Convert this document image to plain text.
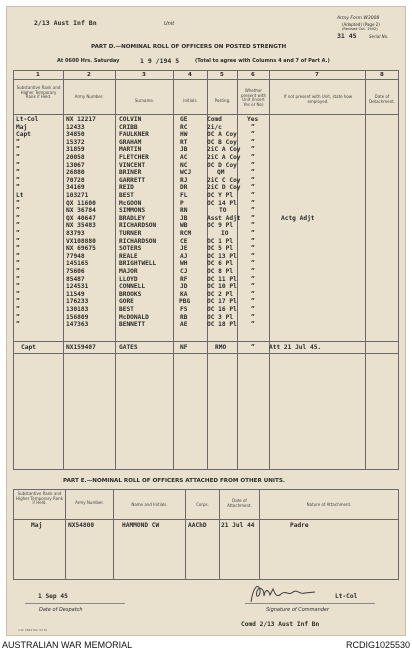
2/13 Aust Inf Bn	Unit
Army Form W3008
(Adapted) (Page 2)
(Revised Oct. 1942)
31 45	Serial No.
PART D.—NOMINAL ROLL OF OFFICERS ON POSTED STRENGTH
At 0600 Hrs. Saturday	1 9 /194 5	(Total to agree with Columns 4 and 7 of Part A.)
1	2	3	4	5	6	7	8
Substantive Rank and Higher Temporary Rank if Held.	Army Number.
Surname.	Initials.	Posting.
Whether present with Unit (Insert Yes or No)
If not present with Unit, state how employed.
Date of Detachment.
Lt-Col	NX 12217	COLVIN	GE	Comd	Yes
Maj	12433	CRIBB	RC	2i/c	”
Capt	34850	FAULKNER	HW	OC A Coy ”
”	15372	GRAHAM	RT	OC B Coy ”
”	31859	MARTIN	JB	2iC A Coy ”
”	20058	FLETCHER	AC	2iC A Coy ”
”	13067	VINCENT	NC	OC D Coy ”
”	26880	BRINER	WCJ	QM	”
”	70728	GARRETT	RJ	2iC C Coy ”
”	34169	REID	DR	2iC D Coy ”
Lt	103271	BEST	FL	OC Y Pl	”
”	QX 11600	McGOON	P	OC 14 Pl ”
”	NX 36784	SIMMONS	RN	TO	”
”	QX 40647	BRADLEY	JB	Asst Adjt ”	Actg Adjt
”	NX 35483	RICHARDSON	WB	OC 9 Pl	”
”	83793	TURNER	RCM	IO	”
”	VX108880	RICHARDSON	CE	OC 1 Pl	”
”	NX 69675	SOTERS	JE	OC 5 Pl	”
”	77948	REALE	AJ	OC 13 Pl ”
”	145165	BRIGHTWELL	WH	OC 6 Pl	”
”	75606	MAJOR	CJ	OC 8 Pl	”
”	85487	LLOYD	RF	OC 11 Pl ”
”	124531	CONNELL	JD	OC 10 Pl ”
”	11549	BROOKS	KA	OC 2 Pl	”
”	176233	GORE	PBG	OC 17 Pl ”
”	130183	BEST	FS	OC 16 Pl ”
”	156809	McDONALD	RB	OC 3 Pl	”
”	147363	BENNETT	AE	OC 18 Pl ”
Capt	NX159407	GATES	NF	RMO	” Att 21 Jul 45.
PART E.—NOMINAL ROLL OF OFFICERS ATTACHED FROM OTHER UNITS.
Substantive Rank and Higher Temporary Rank if Held.	Army Number.	Name and Initials.	Corps.
Date of Attachment.	Nature of Attachment.
Maj	NX54800	HAMMOND CW	AAChD 21 Jul 44	Padre
1 Sep 45
Date of Despatch
Lt-Col
Signature of Commander
Comd 2/13 Aust Inf Bn
A.W. 2864 Mar 43 5S
AUSTRALIAN WAR MEMORIAL	RCDIG1025530
